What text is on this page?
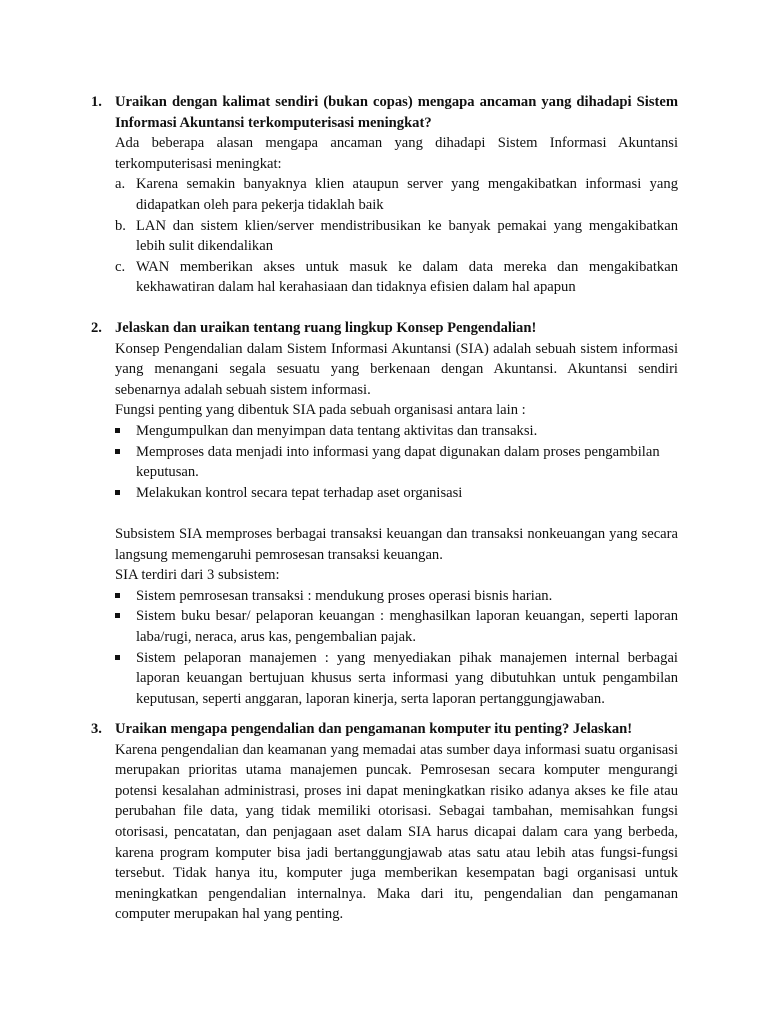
1. Uraikan dengan kalimat sendiri (bukan copas) mengapa ancaman yang dihadapi Sistem Informasi Akuntansi terkomputerisasi meningkat?

Ada beberapa alasan mengapa ancaman yang dihadapi Sistem Informasi Akuntansi terkomputerisasi meningkat:

a. Karena semakin banyaknya klien ataupun server yang mengakibatkan informasi yang didapatkan oleh para pekerja tidaklah baik
b. LAN dan sistem klien/server mendistribusikan ke banyak pemakai yang mengakibatkan lebih sulit dikendalikan
c. WAN memberikan akses untuk masuk ke dalam data mereka dan mengakibatkan kekhawatiran dalam hal kerahasiaan dan tidaknya efisien dalam hal apapun
2. Jelaskan dan uraikan tentang ruang lingkup Konsep Pengendalian!

Konsep Pengendalian dalam Sistem Informasi Akuntansi (SIA) adalah sebuah sistem informasi yang menangani segala sesuatu yang berkenaan dengan Akuntansi. Akuntansi sendiri sebenarnya adalah sebuah sistem informasi.

Fungsi penting yang dibentuk SIA pada sebuah organisasi antara lain :

Mengumpulkan dan menyimpan data tentang aktivitas dan transaksi.
Memproses data menjadi into informasi yang dapat digunakan dalam proses pengambilan keputusan.
Melakukan kontrol secara tepat terhadap aset organisasi

Subsistem SIA memproses berbagai transaksi keuangan dan transaksi nonkeuangan yang secara langsung memengaruhi pemrosesan transaksi keuangan.

SIA terdiri dari 3 subsistem:

Sistem pemrosesan transaksi : mendukung proses operasi bisnis harian.
Sistem buku besar/ pelaporan keuangan : menghasilkan laporan keuangan, seperti laporan laba/rugi, neraca, arus kas, pengembalian pajak.
Sistem pelaporan manajemen : yang menyediakan pihak manajemen internal berbagai laporan keuangan bertujuan khusus serta informasi yang dibutuhkan untuk pengambilan keputusan, seperti anggaran, laporan kinerja, serta laporan pertanggungjawaban.
3. Uraikan mengapa pengendalian dan pengamanan komputer itu penting? Jelaskan!

Karena pengendalian dan keamanan yang memadai atas sumber daya informasi suatu organisasi merupakan prioritas utama manajemen puncak. Pemrosesan secara komputer mengurangi potensi kesalahan administrasi, proses ini dapat meningkatkan risiko adanya akses ke file atau perubahan file data, yang tidak memiliki otorisasi. Sebagai tambahan, memisahkan fungsi otorisasi, pencatatan, dan penjagaan aset dalam SIA harus dicapai dalam cara yang berbeda, karena program komputer bisa jadi bertanggungjawab atas satu atau lebih atas fungsi-fungsi tersebut. Tidak hanya itu, komputer juga memberikan kesempatan bagi organisasi untuk meningkatkan pengendalian internalnya. Maka dari itu, pengendalian dan pengamanan computer merupakan hal yang penting.
